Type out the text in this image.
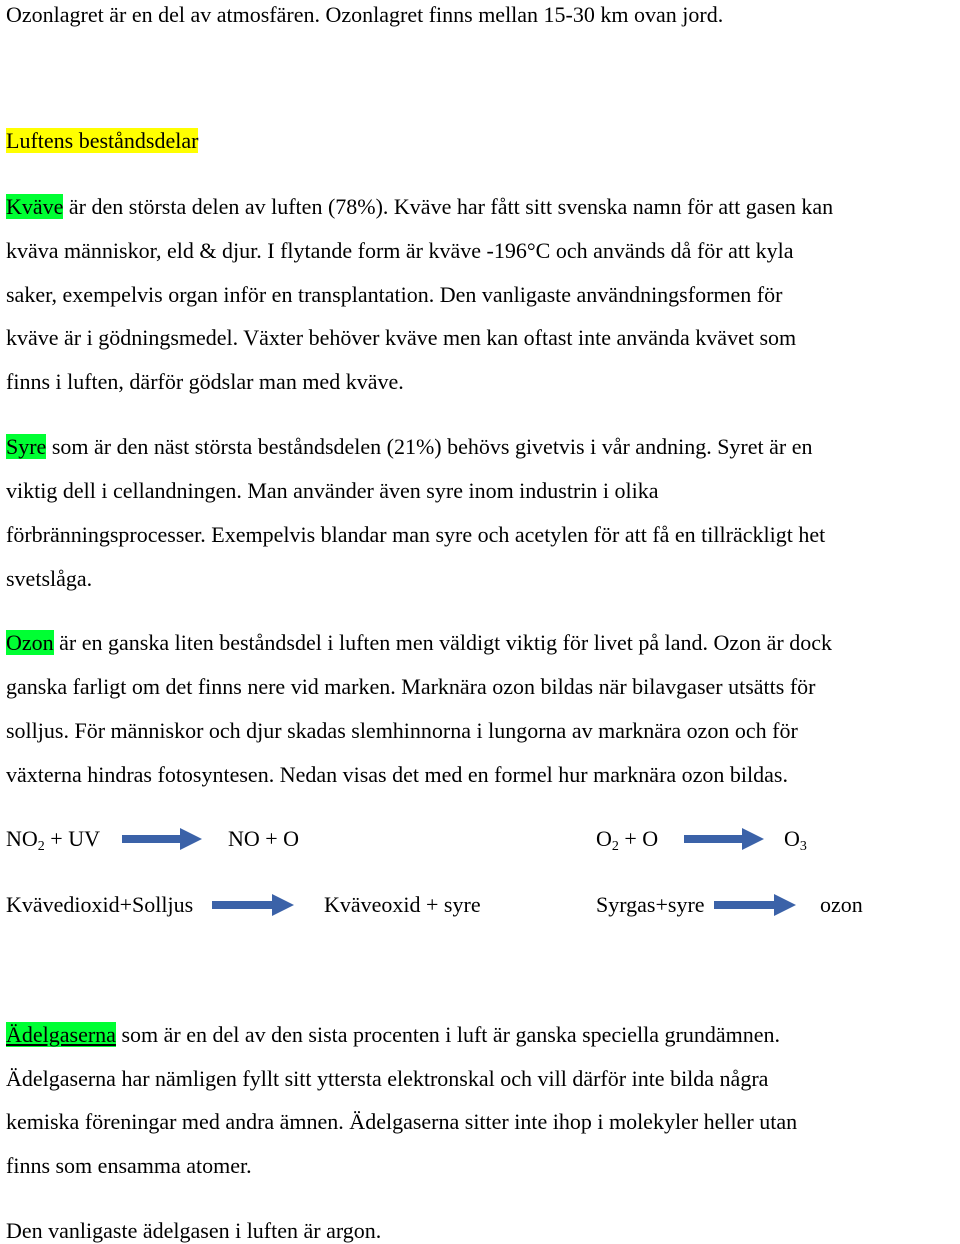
Ozonlagret är en del av atmosfären. Ozonlagret finns mellan 15-30 km ovan jord.
Luftens beståndsdelar
Kväve är den största delen av luften (78%). Kväve har fått sitt svenska namn för att gasen kan
kväva människor, eld & djur. I flytande form är kväve -196°C och används då för att kyla
saker, exempelvis organ inför en transplantation. Den vanligaste användningsformen för
kväve är i gödningsmedel. Växter behöver kväve men kan oftast inte använda kvävet som
finns i luften, därför gödslar man med kväve.
Syre som är den näst största beståndsdelen (21%) behövs givetvis i vår andning. Syret är en
viktig dell i cellandningen. Man använder även syre inom industrin i olika
förbränningsprocesser. Exempelvis blandar man syre och acetylen för att få en tillräckligt het
svetslåga.
Ozon är en ganska liten beståndsdel i luften men väldigt viktig för livet på land. Ozon är dock
ganska farligt om det finns nere vid marken. Marknära ozon bildas när bilavgaser utsätts för
solljus. För människor och djur skadas slemhinnorna i lungorna av marknära ozon och för
växterna hindras fotosyntesen. Nedan visas det med en formel hur marknära ozon bildas.
$NO_2$ + UV	NO + O	$O_2 + O$	$O_3$
Kvävedioxid+Solljus	Kväveoxid + syre	Syrgas+syre	ozon
Ädelgaserna som är en del av den sista procenten i luft är ganska speciella grundämnen.
Ädelgaserna har nämligen fyllt sitt yttersta elektronskal och vill därför inte bilda några
kemiska föreningar med andra ämnen. Ädelgaserna sitter inte ihop i molekyler heller utan
finns som ensamma atomer.
Den vanligaste ädelgasen i luften är argon.
